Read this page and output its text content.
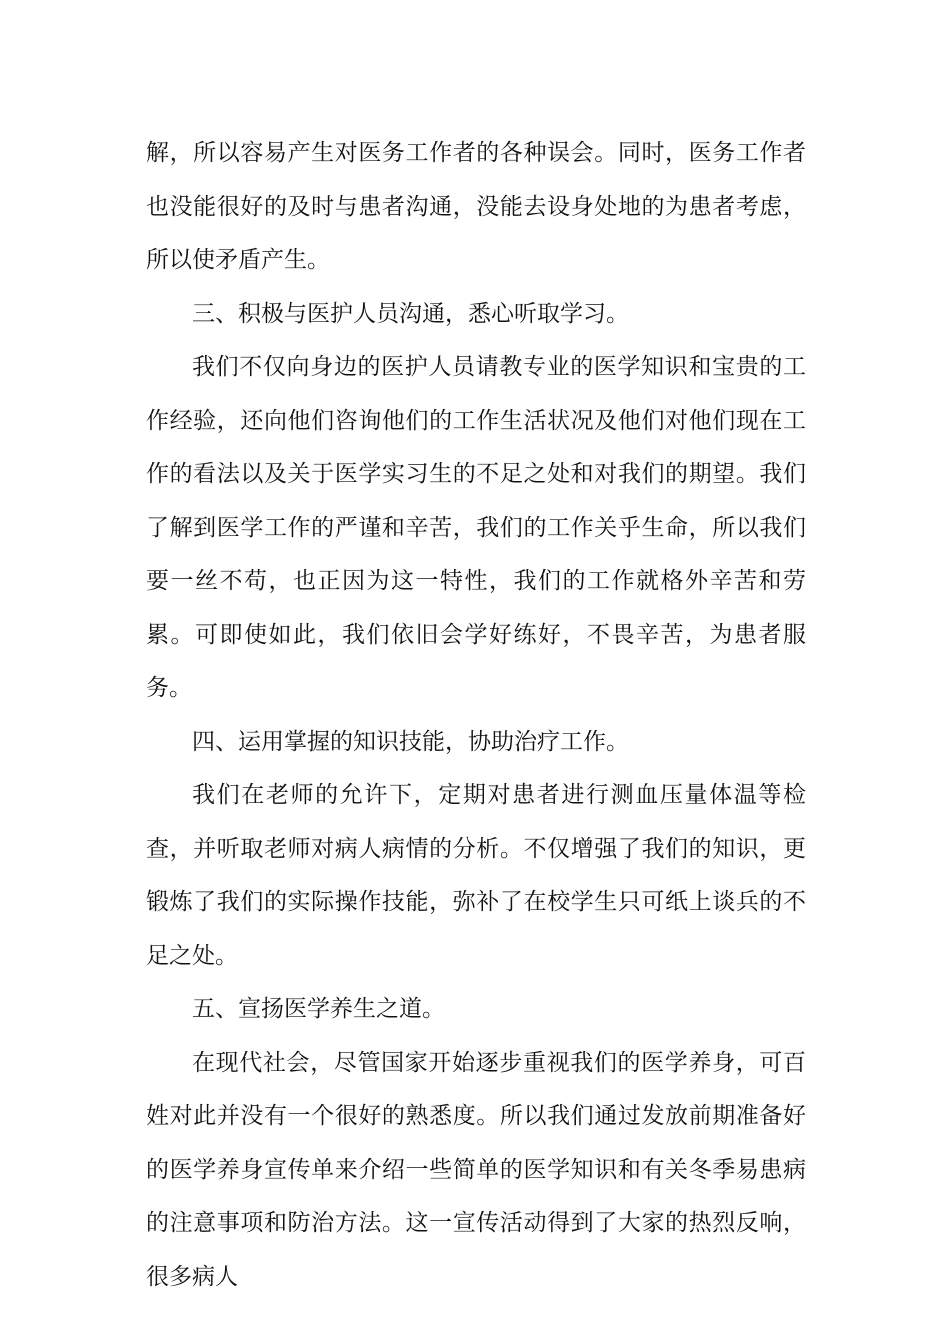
解，所以容易产生对医务工作者的各种误会。同时，医务工作者也没能很好的及时与患者沟通，没能去设身处地的为患者考虑，所以使矛盾产生。

三、积极与医护人员沟通，悉心听取学习。

我们不仅向身边的医护人员请教专业的医学知识和宝贵的工作经验，还向他们咨询他们的工作生活状况及他们对他们现在工作的看法以及关于医学实习生的不足之处和对我们的期望。我们了解到医学工作的严谨和辛苦，我们的工作关乎生命，所以我们要一丝不苟，也正因为这一特性，我们的工作就格外辛苦和劳累。可即使如此，我们依旧会学好练好，不畏辛苦，为患者服务。

四、运用掌握的知识技能，协助治疗工作。

我们在老师的允许下，定期对患者进行测血压量体温等检查，并听取老师对病人病情的分析。不仅增强了我们的知识，更锻炼了我们的实际操作技能，弥补了在校学生只可纸上谈兵的不足之处。

五、宣扬医学养生之道。

在现代社会，尽管国家开始逐步重视我们的医学养身，可百姓对此并没有一个很好的熟悉度。所以我们通过发放前期准备好的医学养身宣传单来介绍一些简单的医学知识和有关冬季易患病的注意事项和防治方法。这一宣传活动得到了大家的热烈反响，很多病人
